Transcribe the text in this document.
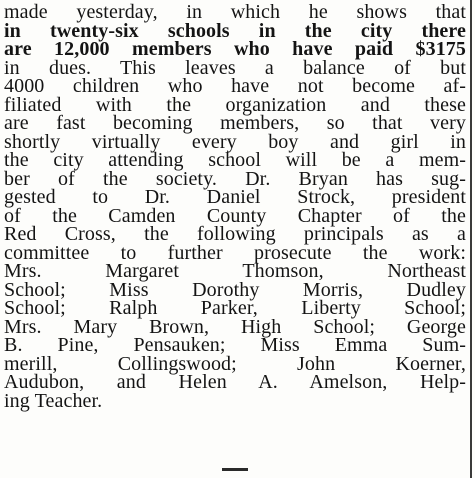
made yesterday, in which he shows that
in twenty-six schools in the city there
are 12,000 members who have paid $3175
in dues. This leaves a balance of but
4000 children who have not become af-
filiated with the organization and these
are fast becoming members, so that very
shortly virtually every boy and girl in
the city attending school will be a mem-
ber of the society. Dr. Bryan has sug-
gested to Dr. Daniel Strock, president
of the Camden County Chapter of the
Red Cross, the following principals as a
committee to further prosecute the work:
Mrs. Margaret Thomson, Northeast
School; Miss Dorothy Morris, Dudley
School; Ralph Parker, Liberty School;
Mrs. Mary Brown, High School; George
B. Pine, Pensauken; Miss Emma Sum-
merill, Collingswood; John Koerner,
Audubon, and Helen A. Amelson, Help-
ing Teacher.
